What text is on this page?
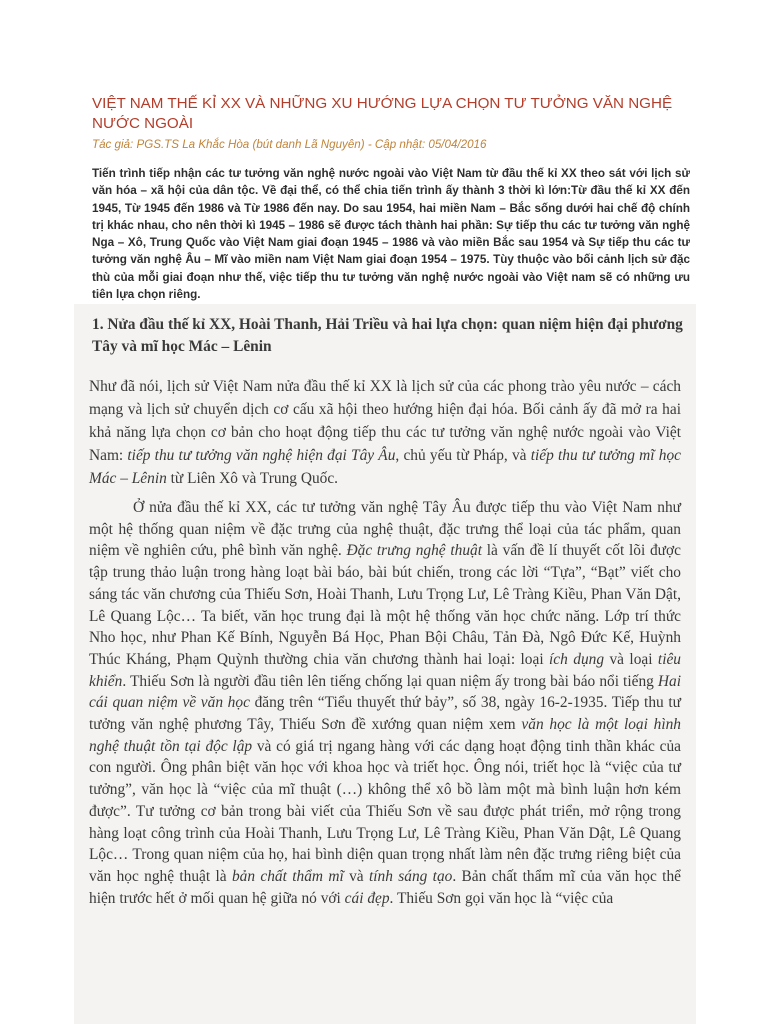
VIỆT NAM THẾ KỈ XX VÀ NHỮNG XU HƯỚNG LỰA CHỌN TƯ TƯỞNG VĂN NGHỆ NƯỚC NGOÀI
Tác giả: PGS.TS La Khắc Hòa (bút danh Lã Nguyên) - Cập nhật: 05/04/2016

Tiến trình tiếp nhận các tư tưởng văn nghệ nước ngoài vào Việt Nam từ đầu thế kỉ XX theo sát với lịch sử văn hóa – xã hội của dân tộc. Về đại thể, có thể chia tiến trình ấy thành 3 thời kì lớn:Từ đầu thế kỉ XX đến 1945, Từ 1945 đến 1986 và Từ 1986 đến nay. Do sau 1954, hai miền Nam – Bắc sống dưới hai chế độ chính trị khác nhau, cho nên thời kì 1945 – 1986 sẽ được tách thành hai phần: Sự tiếp thu các tư tưởng văn nghệ Nga – Xô, Trung Quốc vào Việt Nam giai đoạn 1945 – 1986 và vào miền Bắc sau 1954 và Sự tiếp thu các tư tưởng văn nghệ Âu – Mĩ vào miền nam Việt Nam giai đoạn 1954 – 1975. Tùy thuộc vào bối cảnh lịch sử đặc thù của mỗi giai đoạn như thế, việc tiếp thu tư tưởng văn nghệ nước ngoài vào Việt nam sẽ có những ưu tiên lựa chọn riêng.

1. Nửa đầu thế kỉ XX, Hoài Thanh, Hải Triều và hai lựa chọn: quan niệm hiện đại phương Tây và mĩ học Mác – Lênin

Như đã nói, lịch sử Việt Nam nửa đầu thế kỉ XX là lịch sử của các phong trào yêu nước – cách mạng và lịch sử chuyển dịch cơ cấu xã hội theo hướng hiện đại hóa. Bối cảnh ấy đã mở ra hai khả năng lựa chọn cơ bản cho hoạt động tiếp thu các tư tưởng văn nghệ nước ngoài vào Việt Nam: tiếp thu tư tưởng văn nghệ hiện đại Tây Âu, chủ yếu từ Pháp, và tiếp thu tư tưởng mĩ học Mác – Lênin từ Liên Xô và Trung Quốc.

Ở nửa đầu thế kỉ XX, các tư tưởng văn nghệ Tây Âu được tiếp thu vào Việt Nam như một hệ thống quan niệm về đặc trưng của nghệ thuật, đặc trưng thể loại của tác phẩm, quan niệm về nghiên cứu, phê bình văn nghệ. Đặc trưng nghệ thuật là vấn đề lí thuyết cốt lõi được tập trung thảo luận trong hàng loạt bài báo, bài bút chiến, trong các lời “Tựa”, “Bạt” viết cho sáng tác văn chương của Thiếu Sơn, Hoài Thanh, Lưu Trọng Lư, Lê Tràng Kiều, Phan Văn Dật, Lê Quang Lộc… Ta biết, văn học trung đại là một hệ thống văn học chức năng. Lớp trí thức Nho học, như Phan Kế Bính, Nguyễn Bá Học, Phan Bội Châu, Tản Đà, Ngô Đức Kế, Huỳnh Thúc Kháng, Phạm Quỳnh thường chia văn chương thành hai loại: loại ích dụng và loại tiêu khiển. Thiếu Sơn là người đầu tiên lên tiếng chống lại quan niệm ấy trong bài báo nổi tiếng Hai cái quan niệm về văn học đăng trên “Tiểu thuyết thứ bảy”, số 38, ngày 16-2-1935. Tiếp thu tư tưởng văn nghệ phương Tây, Thiếu Sơn đề xướng quan niệm xem văn học là một loại hình nghệ thuật tồn tại độc lập và có giá trị ngang hàng với các dạng hoạt động tinh thần khác của con người. Ông phân biệt văn học với khoa học và triết học. Ông nói, triết học là “việc của tư tưởng”, văn học là “việc của mĩ thuật (…) không thể xô bồ làm một mà bình luận hơn kém được”. Tư tưởng cơ bản trong bài viết của Thiếu Sơn về sau được phát triển, mở rộng trong hàng loạt công trình của Hoài Thanh, Lưu Trọng Lư, Lê Tràng Kiều, Phan Văn Dật, Lê Quang Lộc… Trong quan niệm của họ, hai bình diện quan trọng nhất làm nên đặc trưng riêng biệt của văn học nghệ thuật là bản chất thẩm mĩ và tính sáng tạo. Bản chất thẩm mĩ của văn học thể hiện trước hết ở mối quan hệ giữa nó với cái đẹp. Thiếu Sơn gọi văn học là “việc của
